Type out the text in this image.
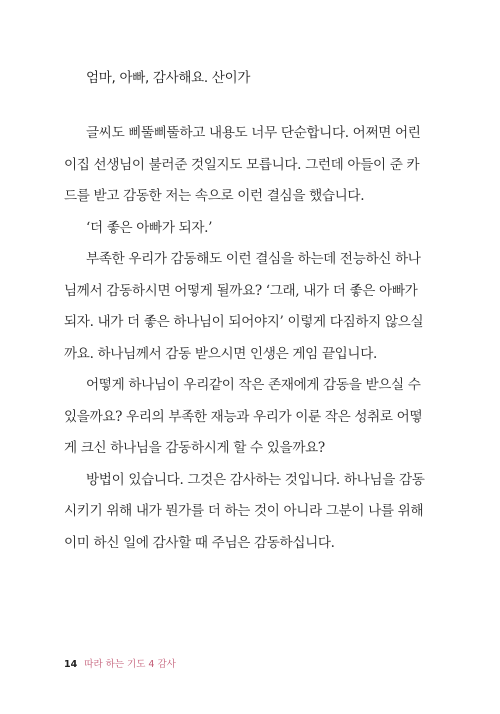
엄마, 아빠, 감사해요. 산이가

글씨도 삐뚤삐뚤하고 내용도 너무 단순합니다. 어쩌면 어린
이집 선생님이 불러준 것일지도 모릅니다. 그런데 아들이 준 카
드를 받고 감동한 저는 속으로 이런 결심을 했습니다.

‘더 좋은 아빠가 되자.’

부족한 우리가 감동해도 이런 결심을 하는데 전능하신 하나
님께서 감동하시면 어떻게 될까요? ‘그래, 내가 더 좋은 아빠가
되자. 내가 더 좋은 하나님이 되어야지’ 이렇게 다짐하지 않으실
까요. 하나님께서 감동 받으시면 인생은 게임 끝입니다.

어떻게 하나님이 우리같이 작은 존재에게 감동을 받으실 수
있을까요? 우리의 부족한 재능과 우리가 이룬 작은 성취로 어떻
게 크신 하나님을 감동하시게 할 수 있을까요?

방법이 있습니다. 그것은 감사하는 것입니다. 하나님을 감동
시키기 위해 내가 뭔가를 더 하는 것이 아니라 그분이 나를 위해
이미 하신 일에 감사할 때 주님은 감동하십니다.

14 따라 하는 기도 4 감사
